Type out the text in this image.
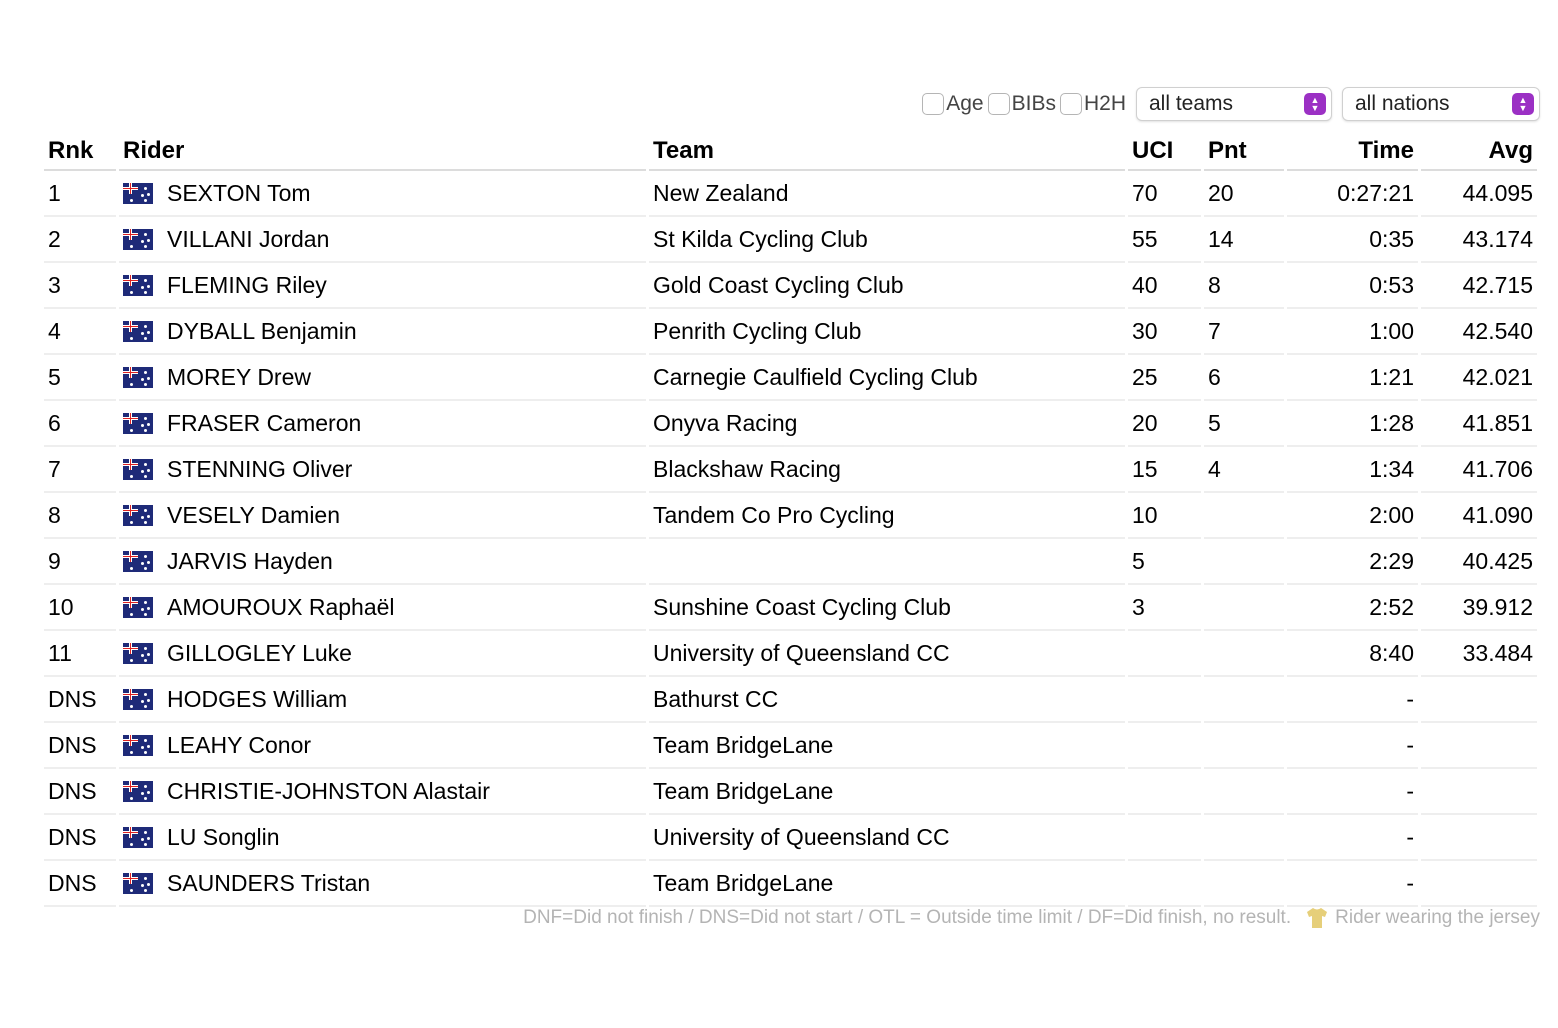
Age BIBs H2H all teams	▲
▼ all nations	▲
▼
Rnk	Rider	Team	UCI	Pnt	Time	Avg
1	SEXTON Tom	New Zealand	70	20	0:27:21	44.095
2	VILLANI Jordan	St Kilda Cycling Club	55	14	0:35	43.174
3	FLEMING Riley	Gold Coast Cycling Club	40	8	0:53	42.715
4	DYBALL Benjamin	Penrith Cycling Club	30	7	1:00	42.540
5	MOREY Drew	Carnegie Caulfield Cycling Club	25	6	1:21	42.021
6	FRASER Cameron	Onyva Racing	20	5	1:28	41.851
7	STENNING Oliver	Blackshaw Racing	15	4	1:34	41.706
8	VESELY Damien	Tandem Co Pro Cycling	10		2:00	41.090
9	JARVIS Hayden		5		2:29	40.425
10	AMOUROUX Raphaël	Sunshine Coast Cycling Club	3		2:52	39.912
11	GILLOGLEY Luke	University of Queensland CC			8:40	33.484
DNS	HODGES William	Bathurst CC			-	
DNS	LEAHY Conor	Team BridgeLane			-	
DNS	CHRISTIE-JOHNSTON Alastair	Team BridgeLane			-	
DNS	LU Songlin	University of Queensland CC			-	
DNS	SAUNDERS Tristan	Team BridgeLane			-	
DNF=Did not finish / DNS=Did not start / OTL = Outside time limit / DF=Did finish, no result. Rider wearing the jersey
